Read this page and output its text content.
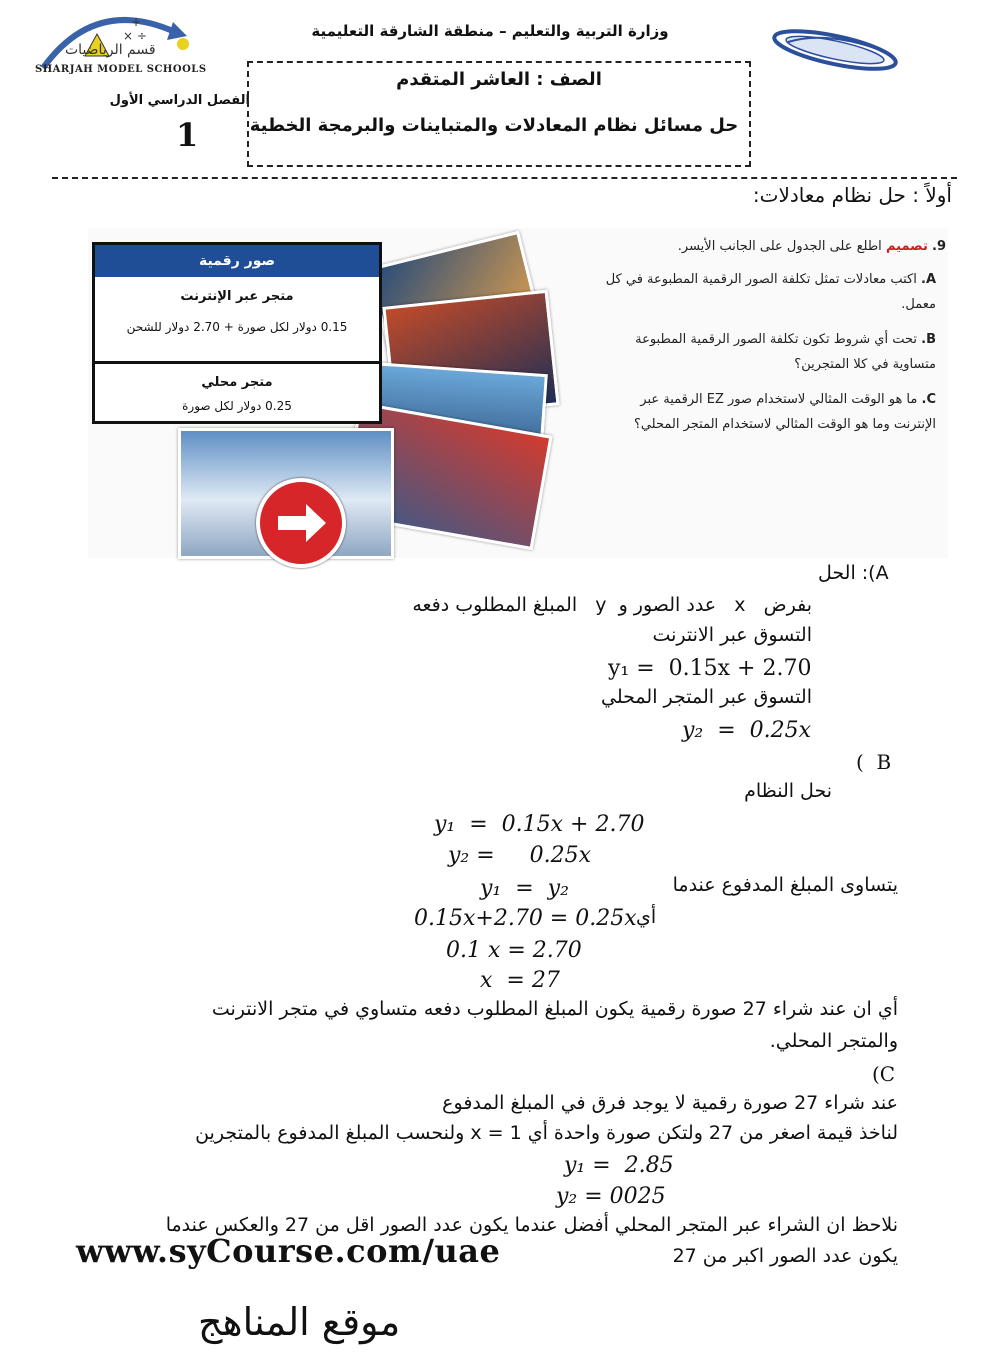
× ÷
+
قسم الرياضيات
SHARJAH MODEL SCHOOLS
وزارة التربية والتعليم – منطقة الشارقة التعليمية
الفصل الدراسي الأول
1
الصف : العاشر المتقدم
حل مسائل نظام المعادلات والمتباينات والبرمجة الخطية
أولاً : حل نظام معادلات:
صور رقمية
متجر عبر الإنترنت
0.15 دولار لكل صورة + 2.70 دولار للشحن
متجر محلي
0.25 دولار لكل صورة
9. تصميم اطلع على الجدول على الجانب الأيسر.
A. اكتب معادلات تمثل تكلفة الصور الرقمية المطبوعة في كل معمل.
B. تحت أي شروط تكون تكلفة الصور الرقمية المطبوعة متساوية في كلا المتجرين؟
C. ما هو الوقت المثالي لاستخدام صور EZ الرقمية عبر الإنترنت وما هو الوقت المثالي لاستخدام المتجر المحلي؟
الحل :(A
بفرض   x   عدد الصور و  y   المبلغ المطلوب دفعه
التسوق عبر الانترنت
y₁ =  0.15x + 2.70
التسوق عبر المتجر المحلي
y₂  =  0.25x
B  )
نحل النظام
y₁  =  0.15x + 2.70
y₂ =     0.25x
يتساوى المبلغ المدفوع عندما
y₁  =  y₂
أي
0.15x+2.70 = 0.25x
0.1 x = 2.70
x  = 27
أي ان عند شراء 27 صورة رقمية يكون المبلغ المطلوب دفعه متساوي في متجر الانترنت
والمتجر المحلي.
(C
عند شراء 27 صورة رقمية لا يوجد فرق في المبلغ المدفوع
لناخذ قيمة اصغر من 27 ولتكن صورة واحدة أي x = 1 ولنحسب المبلغ المدفوع بالمتجرين
y₁ =  2.85
y₂ = 0025
نلاحظ ان الشراء عبر المتجر المحلي أفضل عندما يكون عدد الصور اقل من 27 والعكس عندما
يكون عدد الصور اكبر من 27
www.syCourse.com/uae
موقع المناهج
